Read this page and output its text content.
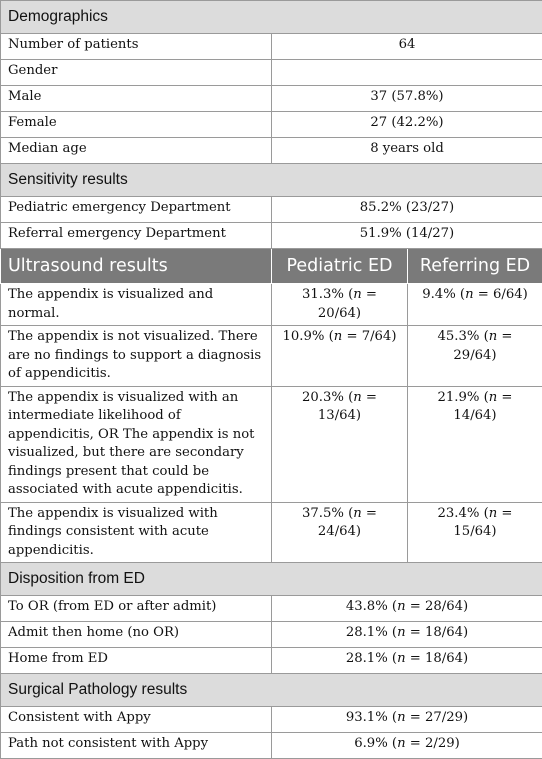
Demographics		
Number of patients	64	
Gender		
Male	37 (57.8%)	
Female	27 (42.2%)	
Median age	8 years old	
Sensitivity results		
Pediatric emergency Department	85.2% (23/27)	
Referral emergency Department	51.9% (14/27)	
Ultrasound results	Pediatric ED	Referring ED
The appendix is visualized and normal.	31.3% (n = 20/64)	9.4% (n = 6/64)
The appendix is not visualized. There are no findings to support a diagnosis of appendicitis.	10.9% (n = 7/64)	45.3% (n = 29/64)
The appendix is visualized with an intermediate likelihood of appendicitis, OR The appendix is not visualized, but there are secondary findings present that could be associated with acute appendicitis.	20.3% (n = 13/64)	21.9% (n = 14/64)
The appendix is visualized with findings consistent with acute appendicitis.	37.5% (n = 24/64)	23.4% (n = 15/64)
Disposition from ED		
To OR (from ED or after admit)	43.8% (n = 28/64)	
Admit then home (no OR)	28.1% (n = 18/64)	
Home from ED	28.1% (n = 18/64)	
Surgical Pathology results		
Consistent with Appy	93.1% (n = 27/29)	
Path not consistent with Appy	6.9% (n = 2/29)	
